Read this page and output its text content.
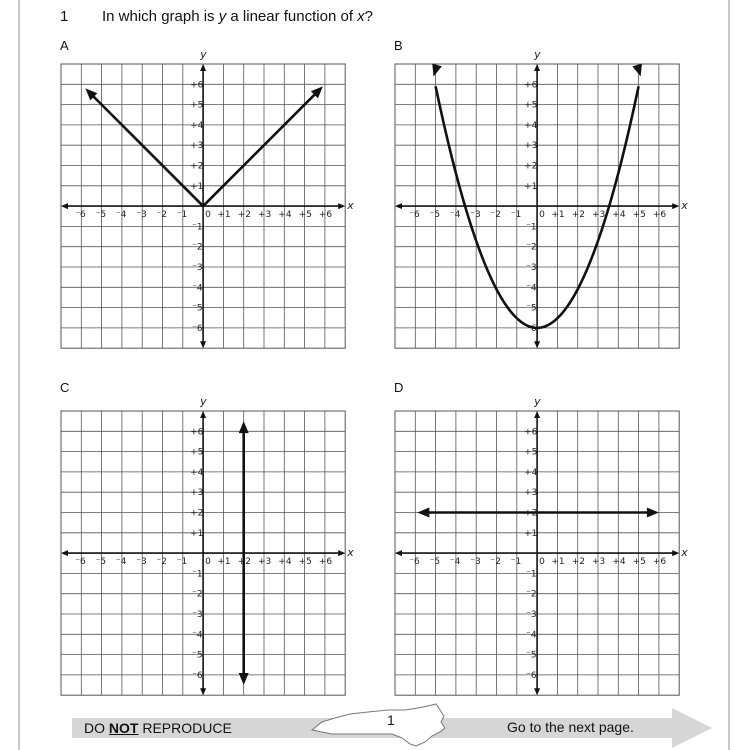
1 In which graph is y a linear function of x?
A	B
C	D
x
y
+1 +2 +3 +4 +5 +6
⁻6 ⁻5 ⁻4 ⁻3 ⁻2 ⁻1
+1
+2
+3
+4
+5
+6
⁻1
⁻2
⁻3
⁻4
⁻5
⁻6
0
x
y
+1 +2 +3 +4 +5 +6
⁻6 ⁻5 ⁻4 ⁻3 ⁻2 ⁻1
+1
+2
+3
+4
+5
+6
⁻1
⁻2
⁻3
⁻4
⁻5
⁻6
0
x
y
+1 +2 +3 +4 +5 +6
⁻6 ⁻5 ⁻4 ⁻3 ⁻2 ⁻1
+1
+2
+3
+4
+5
+6
⁻1
⁻2
⁻3
⁻4
⁻5
⁻6
0
x
y
+1 +2 +3 +4 +5 +6
⁻6 ⁻5 ⁻4 ⁻3 ⁻2 ⁻1
+1
+2
+3
+4
+5
+6
⁻1
⁻2
⁻3
⁻4
⁻5
⁻6
0
DO NOT REPRODUCE	1	Go to the next page.
